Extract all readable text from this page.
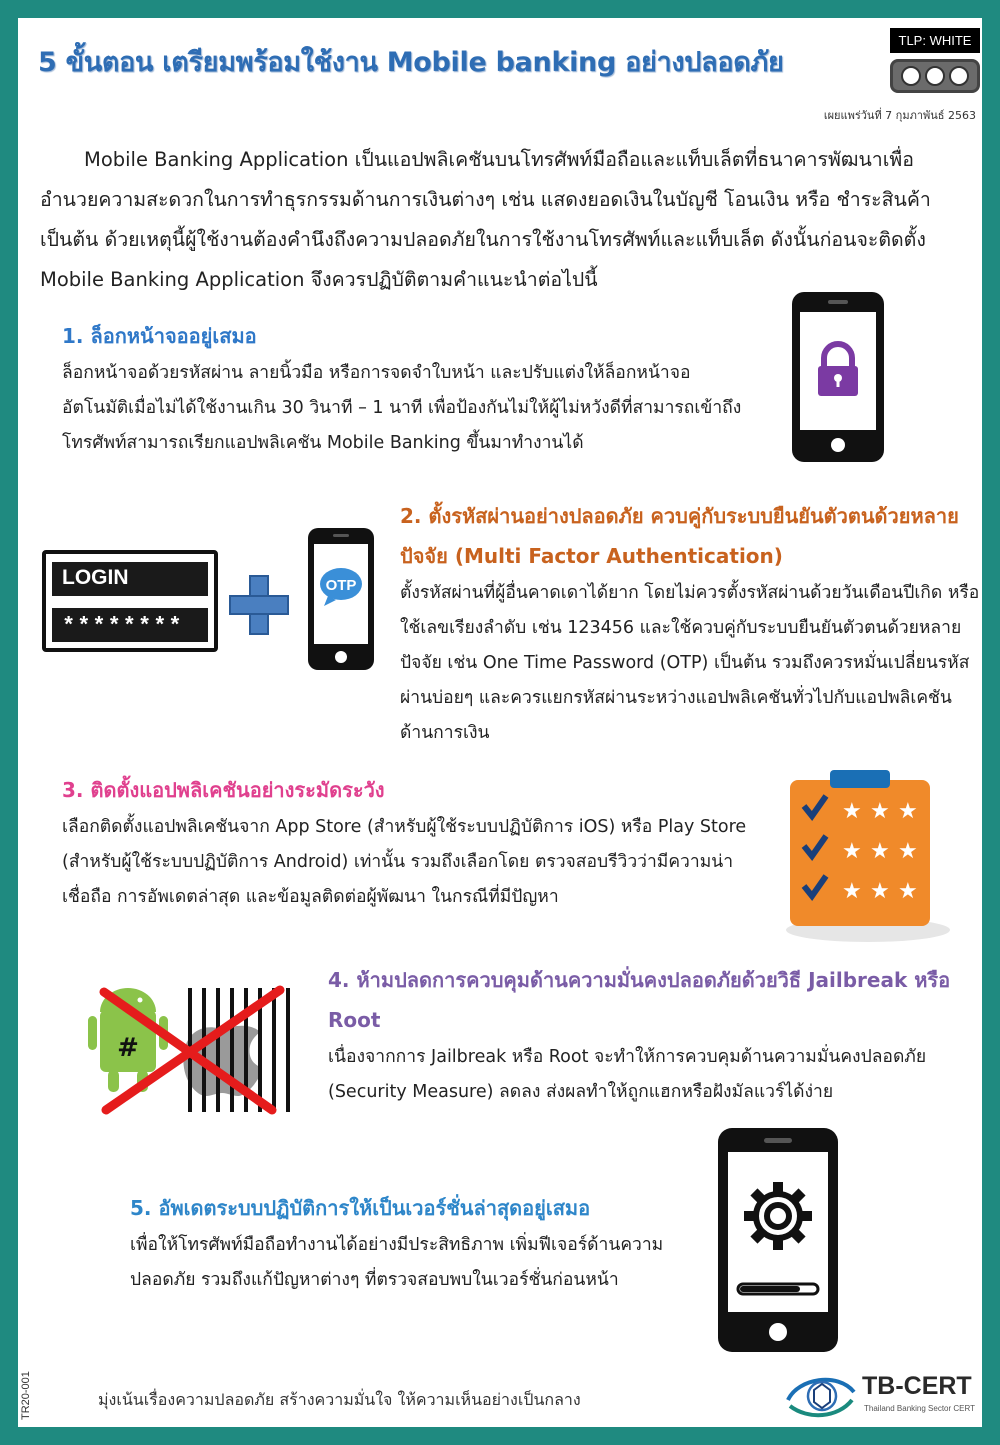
5 ขั้นตอน เตรียมพร้อมใช้งาน Mobile banking อย่างปลอดภัย
TLP: WHITE
เผยแพร่วันที่ 7 กุมภาพันธ์ 2563

Mobile Banking Application เป็นแอปพลิเคชันบนโทรศัพท์มือถือและแท็บเล็ตที่ธนาคารพัฒนาเพื่ออำนวยความสะดวกในการทำธุรกรรมด้านการเงินต่างๆ เช่น แสดงยอดเงินในบัญชี โอนเงิน หรือ ชำระสินค้า เป็นต้น ด้วยเหตุนี้ผู้ใช้งานต้องคำนึงถึงความปลอดภัยในการใช้งานโทรศัพท์และแท็บเล็ต ดังนั้นก่อนจะติดตั้ง Mobile Banking Application จึงควรปฏิบัติตามคำแนะนำต่อไปนี้

1. ล็อกหน้าจออยู่เสมอ
ล็อกหน้าจอด้วยรหัสผ่าน ลายนิ้วมือ หรือการจดจำใบหน้า และปรับแต่งให้ล็อกหน้าจออัตโนมัติเมื่อไม่ได้ใช้งานเกิน 30 วินาที – 1 นาที เพื่อป้องกันไม่ให้ผู้ไม่หวังดีที่สามารถเข้าถึงโทรศัพท์สามารถเรียกแอปพลิเคชัน Mobile Banking ขึ้นมาทำงานได้
2. ตั้งรหัสผ่านอย่างปลอดภัย ควบคู่กับระบบยืนยันตัวตนด้วยหลายปัจจัย (Multi Factor Authentication)
ตั้งรหัสผ่านที่ผู้อื่นคาดเดาได้ยาก โดยไม่ควรตั้งรหัสผ่านด้วยวันเดือนปีเกิด หรือใช้เลขเรียงลำดับ เช่น 123456 และใช้ควบคู่กับระบบยืนยันตัวตนด้วยหลายปัจจัย เช่น One Time Password (OTP) เป็นต้น รวมถึงควรหมั่นเปลี่ยนรหัสผ่านบ่อยๆ และควรแยกรหัสผ่านระหว่างแอปพลิเคชันทั่วไปกับแอปพลิเคชันด้านการเงิน
LOGIN
********
OTP
3. ติดตั้งแอปพลิเคชันอย่างระมัดระวัง
เลือกติดตั้งแอปพลิเคชันจาก App Store (สำหรับผู้ใช้ระบบปฏิบัติการ iOS) หรือ Play Store (สำหรับผู้ใช้ระบบปฏิบัติการ Android) เท่านั้น รวมถึงเลือกโดย ตรวจสอบรีวิวว่ามีความน่าเชื่อถือ การอัพเดตล่าสุด และข้อมูลติดต่อผู้พัฒนา ในกรณีที่มีปัญหา
★ ★ ★
★ ★ ★
★ ★ ★
4. ห้ามปลดการควบคุมด้านความมั่นคงปลอดภัยด้วยวิธี Jailbreak หรือ Root
เนื่องจากการ Jailbreak หรือ Root จะทำให้การควบคุมด้านความมั่นคงปลอดภัย (Security Measure) ลดลง ส่งผลทำให้ถูกแฮกหรือฝังมัลแวร์ได้ง่าย
#
5. อัพเดตระบบปฏิบัติการให้เป็นเวอร์ชั่นล่าสุดอยู่เสมอ
เพื่อให้โทรศัพท์มือถือทำงานได้อย่างมีประสิทธิภาพ เพิ่มฟีเจอร์ด้านความปลอดภัย รวมถึงแก้ปัญหาต่างๆ ที่ตรวจสอบพบในเวอร์ชั่นก่อนหน้า
TR20-001	มุ่งเน้นเรื่องความปลอดภัย สร้างความมั่นใจ ให้ความเห็นอย่างเป็นกลาง	TB-CERT
Thailand Banking Sector CERT
